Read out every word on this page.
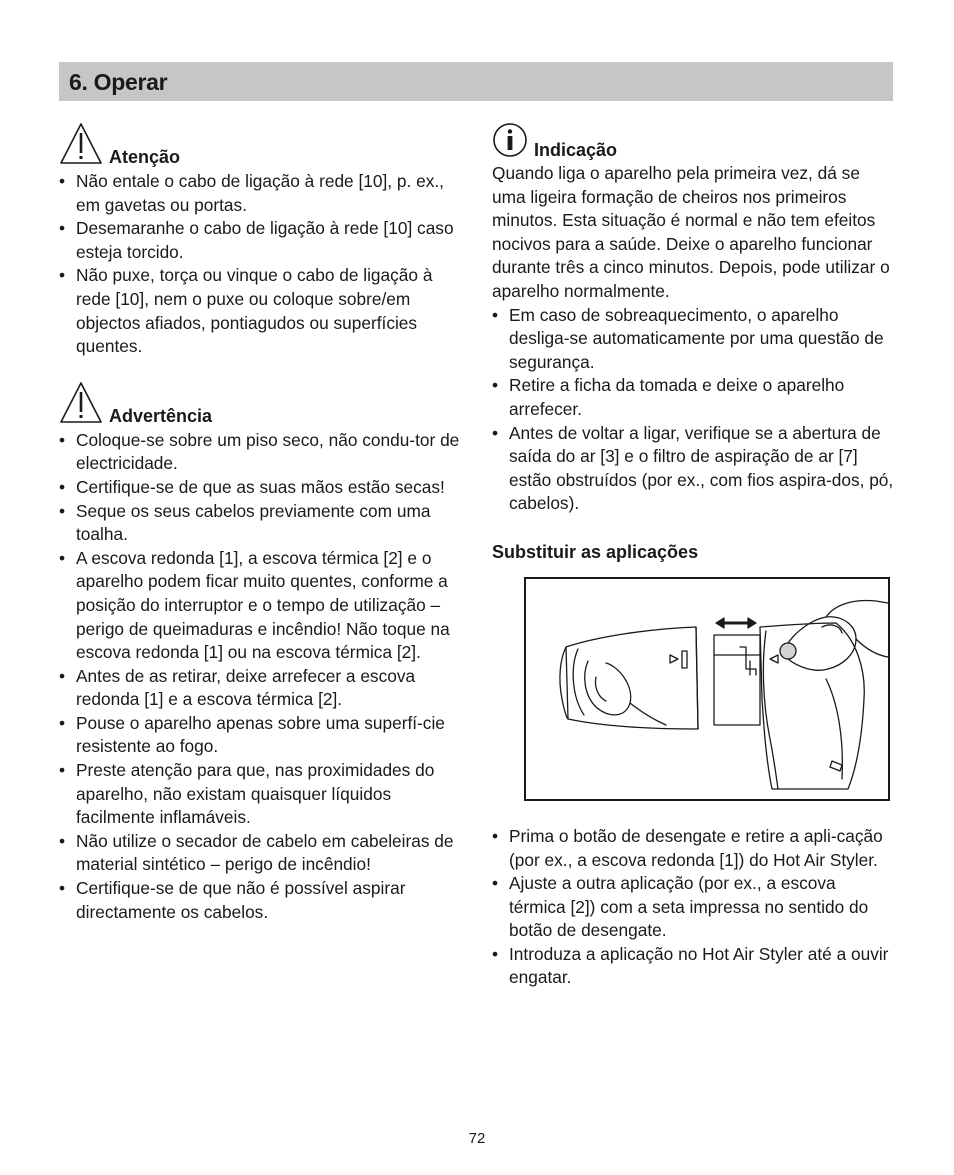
6. Operar
Atenção
• Não entale o cabo de ligação à rede [10], p. ex., em gavetas ou portas.
• Desemaranhe o cabo de ligação à rede [10] caso esteja torcido.
• Não puxe, torça ou vinque o cabo de ligação à rede [10], nem o puxe ou coloque sobre/em objectos afiados, pontiagudos ou superfícies quentes.
Advertência
• Coloque-se sobre um piso seco, não condu-tor de electricidade.
• Certifique-se de que as suas mãos estão secas!
• Seque os seus cabelos previamente com uma toalha.
• A escova redonda [1], a escova térmica [2] e o aparelho podem ficar muito quentes, conforme a posição do interruptor e o tempo de utilização – perigo de queimaduras e incêndio! Não toque na escova redonda [1] ou na escova térmica [2].
• Antes de as retirar, deixe arrefecer a escova redonda [1] e a escova térmica [2].
• Pouse o aparelho apenas sobre uma superfí-cie resistente ao fogo.
• Preste atenção para que, nas proximidades do aparelho, não existam quaisquer líquidos facilmente inflamáveis.
• Não utilize o secador de cabelo em cabeleiras de material sintético – perigo de incêndio!
• Certifique-se de que não é possível aspirar directamente os cabelos.
Indicação

Quando liga o aparelho pela primeira vez, dá se uma ligeira formação de cheiros nos primeiros minutos. Esta situação é normal e não tem efeitos nocivos para a saúde. Deixe o aparelho funcionar durante três a cinco minutos. Depois, pode utilizar o aparelho normalmente.

• Em caso de sobreaquecimento, o aparelho desliga-se automaticamente por uma questão de segurança.
• Retire a ficha da tomada e deixe o aparelho arrefecer.
• Antes de voltar a ligar, verifique se a abertura de saída do ar [3] e o filtro de aspiração de ar [7] estão obstruídos (por ex., com fios aspira-dos, pó, cabelos).
Substituir as aplicações
• Prima o botão de desengate e retire a apli-cação (por ex., a escova redonda [1]) do Hot Air Styler.
• Ajuste a outra aplicação (por ex., a escova térmica [2]) com a seta impressa no sentido do botão de desengate.
• Introduza a aplicação no Hot Air Styler até a ouvir engatar.
72
